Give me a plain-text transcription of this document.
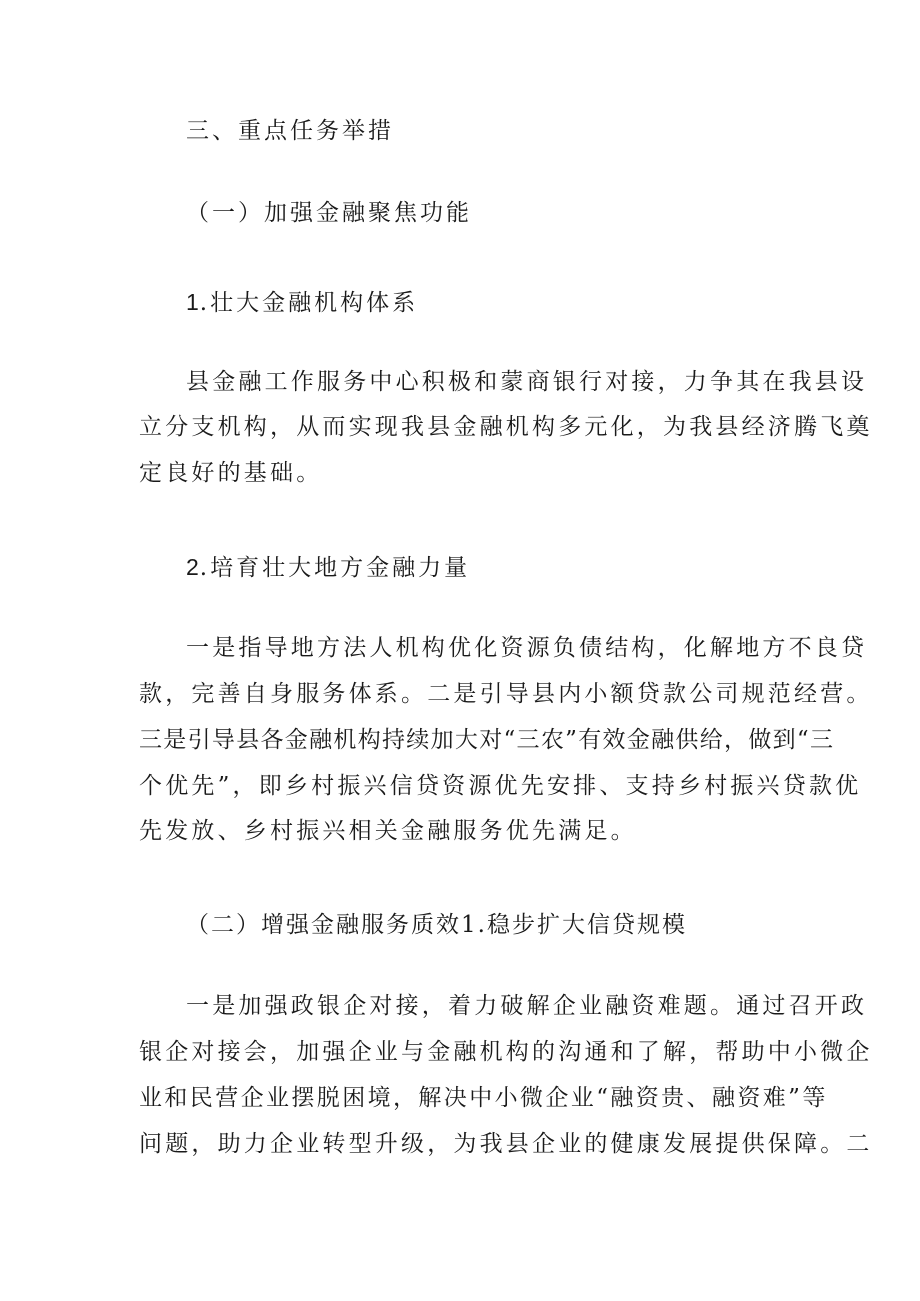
三、重点任务举措
（一）加强金融聚焦功能
1.壮大金融机构体系
县金融工作服务中心积极和蒙商银行对接，力争其在我县设
立分支机构，从而实现我县金融机构多元化，为我县经济腾飞奠
定良好的基础。
2.培育壮大地方金融力量
一是指导地方法人机构优化资源负债结构，化解地方不良贷
款，完善自身服务体系。二是引导县内小额贷款公司规范经营。
三是引导县各金融机构持续加大对“三农”有效金融供给，做到“三
个优先”，即乡村振兴信贷资源优先安排、支持乡村振兴贷款优
先发放、乡村振兴相关金融服务优先满足。
（二）增强金融服务质效1.稳步扩大信贷规模
一是加强政银企对接，着力破解企业融资难题。通过召开政
银企对接会，加强企业与金融机构的沟通和了解，帮助中小微企
业和民营企业摆脱困境，解决中小微企业“融资贵、融资难”等
问题，助力企业转型升级，为我县企业的健康发展提供保障。二
